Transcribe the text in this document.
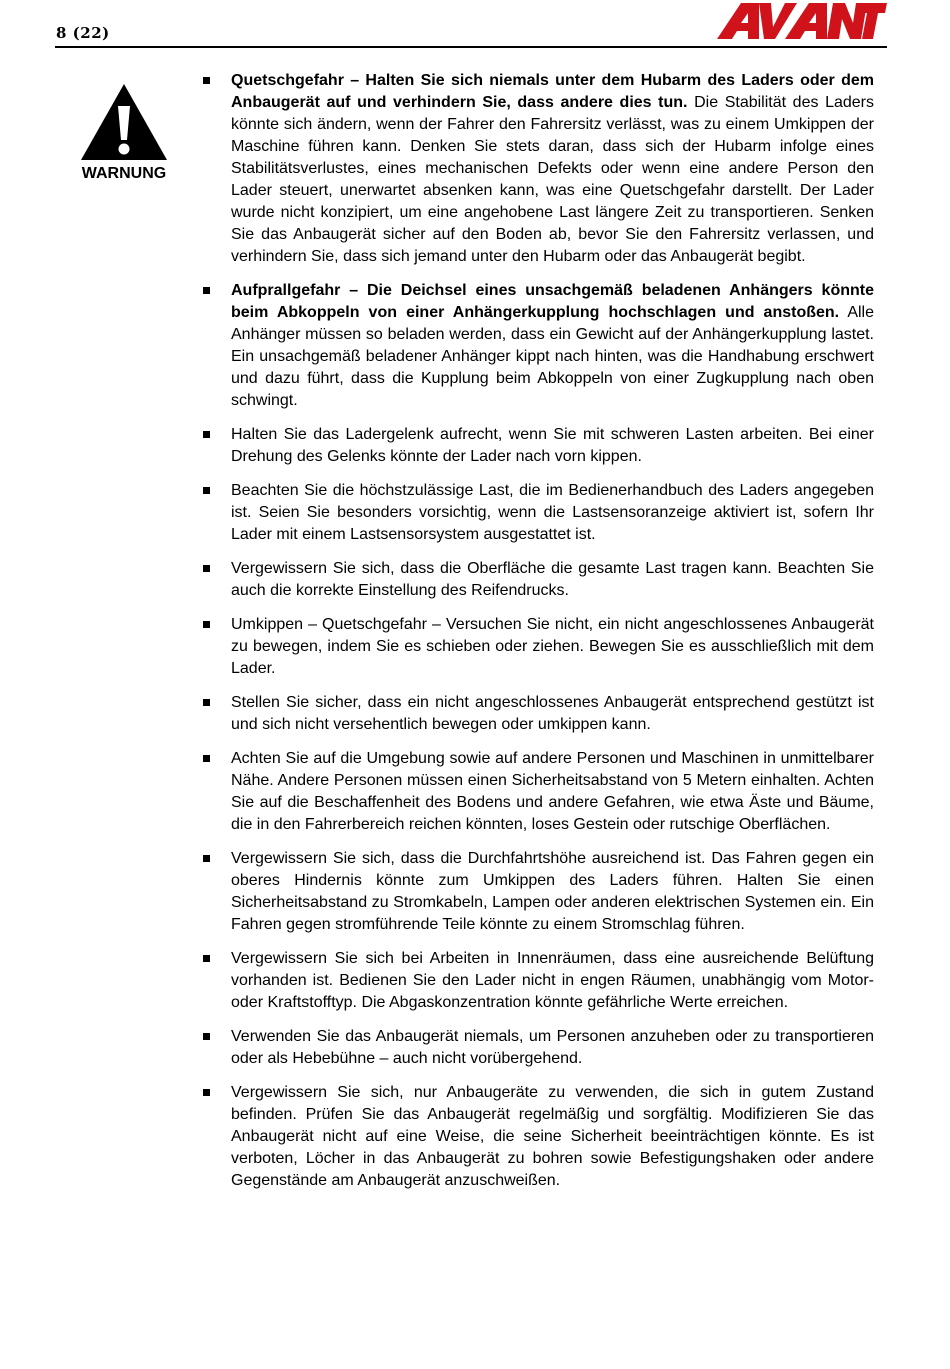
8 (22)
®
WARNUNG

Quetschgefahr – Halten Sie sich niemals unter dem Hubarm des Laders oder dem Anbaugerät auf und verhindern Sie, dass andere dies tun. Die Stabilität des Laders könnte sich ändern, wenn der Fahrer den Fahrersitz verlässt, was zu einem Umkippen der Maschine führen kann. Denken Sie stets daran, dass sich der Hubarm infolge eines Stabilitätsverlustes, eines mechanischen Defekts oder wenn eine andere Person den Lader steuert, unerwartet absenken kann, was eine Quetschgefahr darstellt. Der Lader wurde nicht konzipiert, um eine angehobene Last längere Zeit zu transportieren. Senken Sie das Anbaugerät sicher auf den Boden ab, bevor Sie den Fahrersitz verlassen, und verhindern Sie, dass sich jemand unter den Hubarm oder das Anbaugerät begibt.

Aufprallgefahr – Die Deichsel eines unsachgemäß beladenen Anhängers könnte beim Abkoppeln von einer Anhängerkupplung hochschlagen und anstoßen. Alle Anhänger müssen so beladen werden, dass ein Gewicht auf der Anhängerkupplung lastet. Ein unsachgemäß beladener Anhänger kippt nach hinten, was die Handhabung erschwert und dazu führt, dass die Kupplung beim Abkoppeln von einer Zugkupplung nach oben schwingt.

Halten Sie das Ladergelenk aufrecht, wenn Sie mit schweren Lasten arbeiten. Bei einer Drehung des Gelenks könnte der Lader nach vorn kippen.

Beachten Sie die höchstzulässige Last, die im Bedienerhandbuch des Laders angegeben ist. Seien Sie besonders vorsichtig, wenn die Lastsensoranzeige aktiviert ist, sofern Ihr Lader mit einem Lastsensorsystem ausgestattet ist.

Vergewissern Sie sich, dass die Oberfläche die gesamte Last tragen kann. Beachten Sie auch die korrekte Einstellung des Reifendrucks.

Umkippen – Quetschgefahr – Versuchen Sie nicht, ein nicht angeschlossenes Anbaugerät zu bewegen, indem Sie es schieben oder ziehen. Bewegen Sie es ausschließlich mit dem Lader.

Stellen Sie sicher, dass ein nicht angeschlossenes Anbaugerät entsprechend gestützt ist und sich nicht versehentlich bewegen oder umkippen kann.

Achten Sie auf die Umgebung sowie auf andere Personen und Maschinen in unmittelbarer Nähe. Andere Personen müssen einen Sicherheitsabstand von 5 Metern einhalten. Achten Sie auf die Beschaffenheit des Bodens und andere Gefahren, wie etwa Äste und Bäume, die in den Fahrerbereich reichen könnten, loses Gestein oder rutschige Oberflächen.

Vergewissern Sie sich, dass die Durchfahrtshöhe ausreichend ist. Das Fahren gegen ein oberes Hindernis könnte zum Umkippen des Laders führen. Halten Sie einen Sicherheitsabstand zu Stromkabeln, Lampen oder anderen elektrischen Systemen ein. Ein Fahren gegen stromführende Teile könnte zu einem Stromschlag führen.

Vergewissern Sie sich bei Arbeiten in Innenräumen, dass eine ausreichende Belüftung vorhanden ist. Bedienen Sie den Lader nicht in engen Räumen, unabhängig vom Motor- oder Kraftstofftyp. Die Abgaskonzentration könnte gefährliche Werte erreichen.

Verwenden Sie das Anbaugerät niemals, um Personen anzuheben oder zu transportieren oder als Hebebühne – auch nicht vorübergehend.

Vergewissern Sie sich, nur Anbaugeräte zu verwenden, die sich in gutem Zustand befinden. Prüfen Sie das Anbaugerät regelmäßig und sorgfältig. Modifizieren Sie das Anbaugerät nicht auf eine Weise, die seine Sicherheit beeinträchtigen könnte. Es ist verboten, Löcher in das Anbaugerät zu bohren sowie Befestigungshaken oder andere Gegenstände am Anbaugerät anzuschweißen.
